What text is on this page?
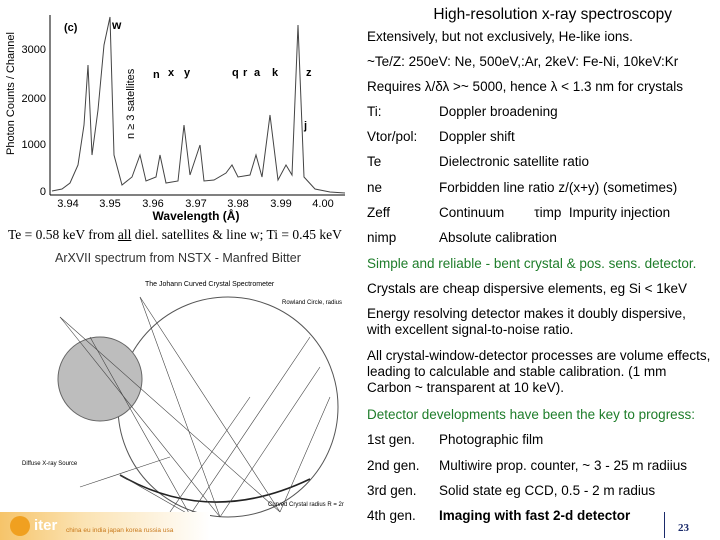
High-resolution x-ray spectroscopy
Photon Counts / Channel 3000
2000
1000
0
3.94 3.95 3.96 3.97 3.98 3.99 4.00
Wavelength (Å)
(c)	w
n x y	q r a k	z
j
n ≥ 3 satellites
Te = 0.58 keV from all diel. satellites & line w; Ti = 0.45 keV
ArXVII spectrum from NSTX - Manfred Bitter
The Johann Curved Crystal Spectrometer
Rowland Circle, radius
Diffuse X-ray Source
Curved Crystal radius R = 2r
Extensively, but not exclusively, He-like ions.
~Te/Z: 250eV: Ne, 500eV,:Ar, 2keV: Fe-Ni, 10keV:Kr
Requires λ/δλ >~ 5000, hence λ < 1.3 nm for crystals
Ti:	Doppler broadening
Vtor/pol: Doppler shift
Te	Dielectronic satellite ratio
ne	Forbidden line ratio z/(x+y) (sometimes)
Zeff	Continuum        τimp  Impurity injection
nimp	Absolute calibration
Simple and reliable - bent crystal & pos. sens. detector.
Crystals are cheap dispersive elements, eg Si < 1keV
Energy resolving detector makes it doubly dispersive, with excellent signal-to-noise ratio.
All crystal-window-detector processes are volume effects, leading to calculable and stable calibration. (1 mm Carbon ~ transparent at 10 keV).
Detector developments have been the key to progress:
1st gen. Photographic film
2nd gen. Multiwire prop. counter, ~ 3 - 25 m radiius
3rd gen. Solid state eg CCD, 0.5 - 2 m radius
4th gen. Imaging with fast 2-d detector
iter china eu india japan korea russia usa	23
